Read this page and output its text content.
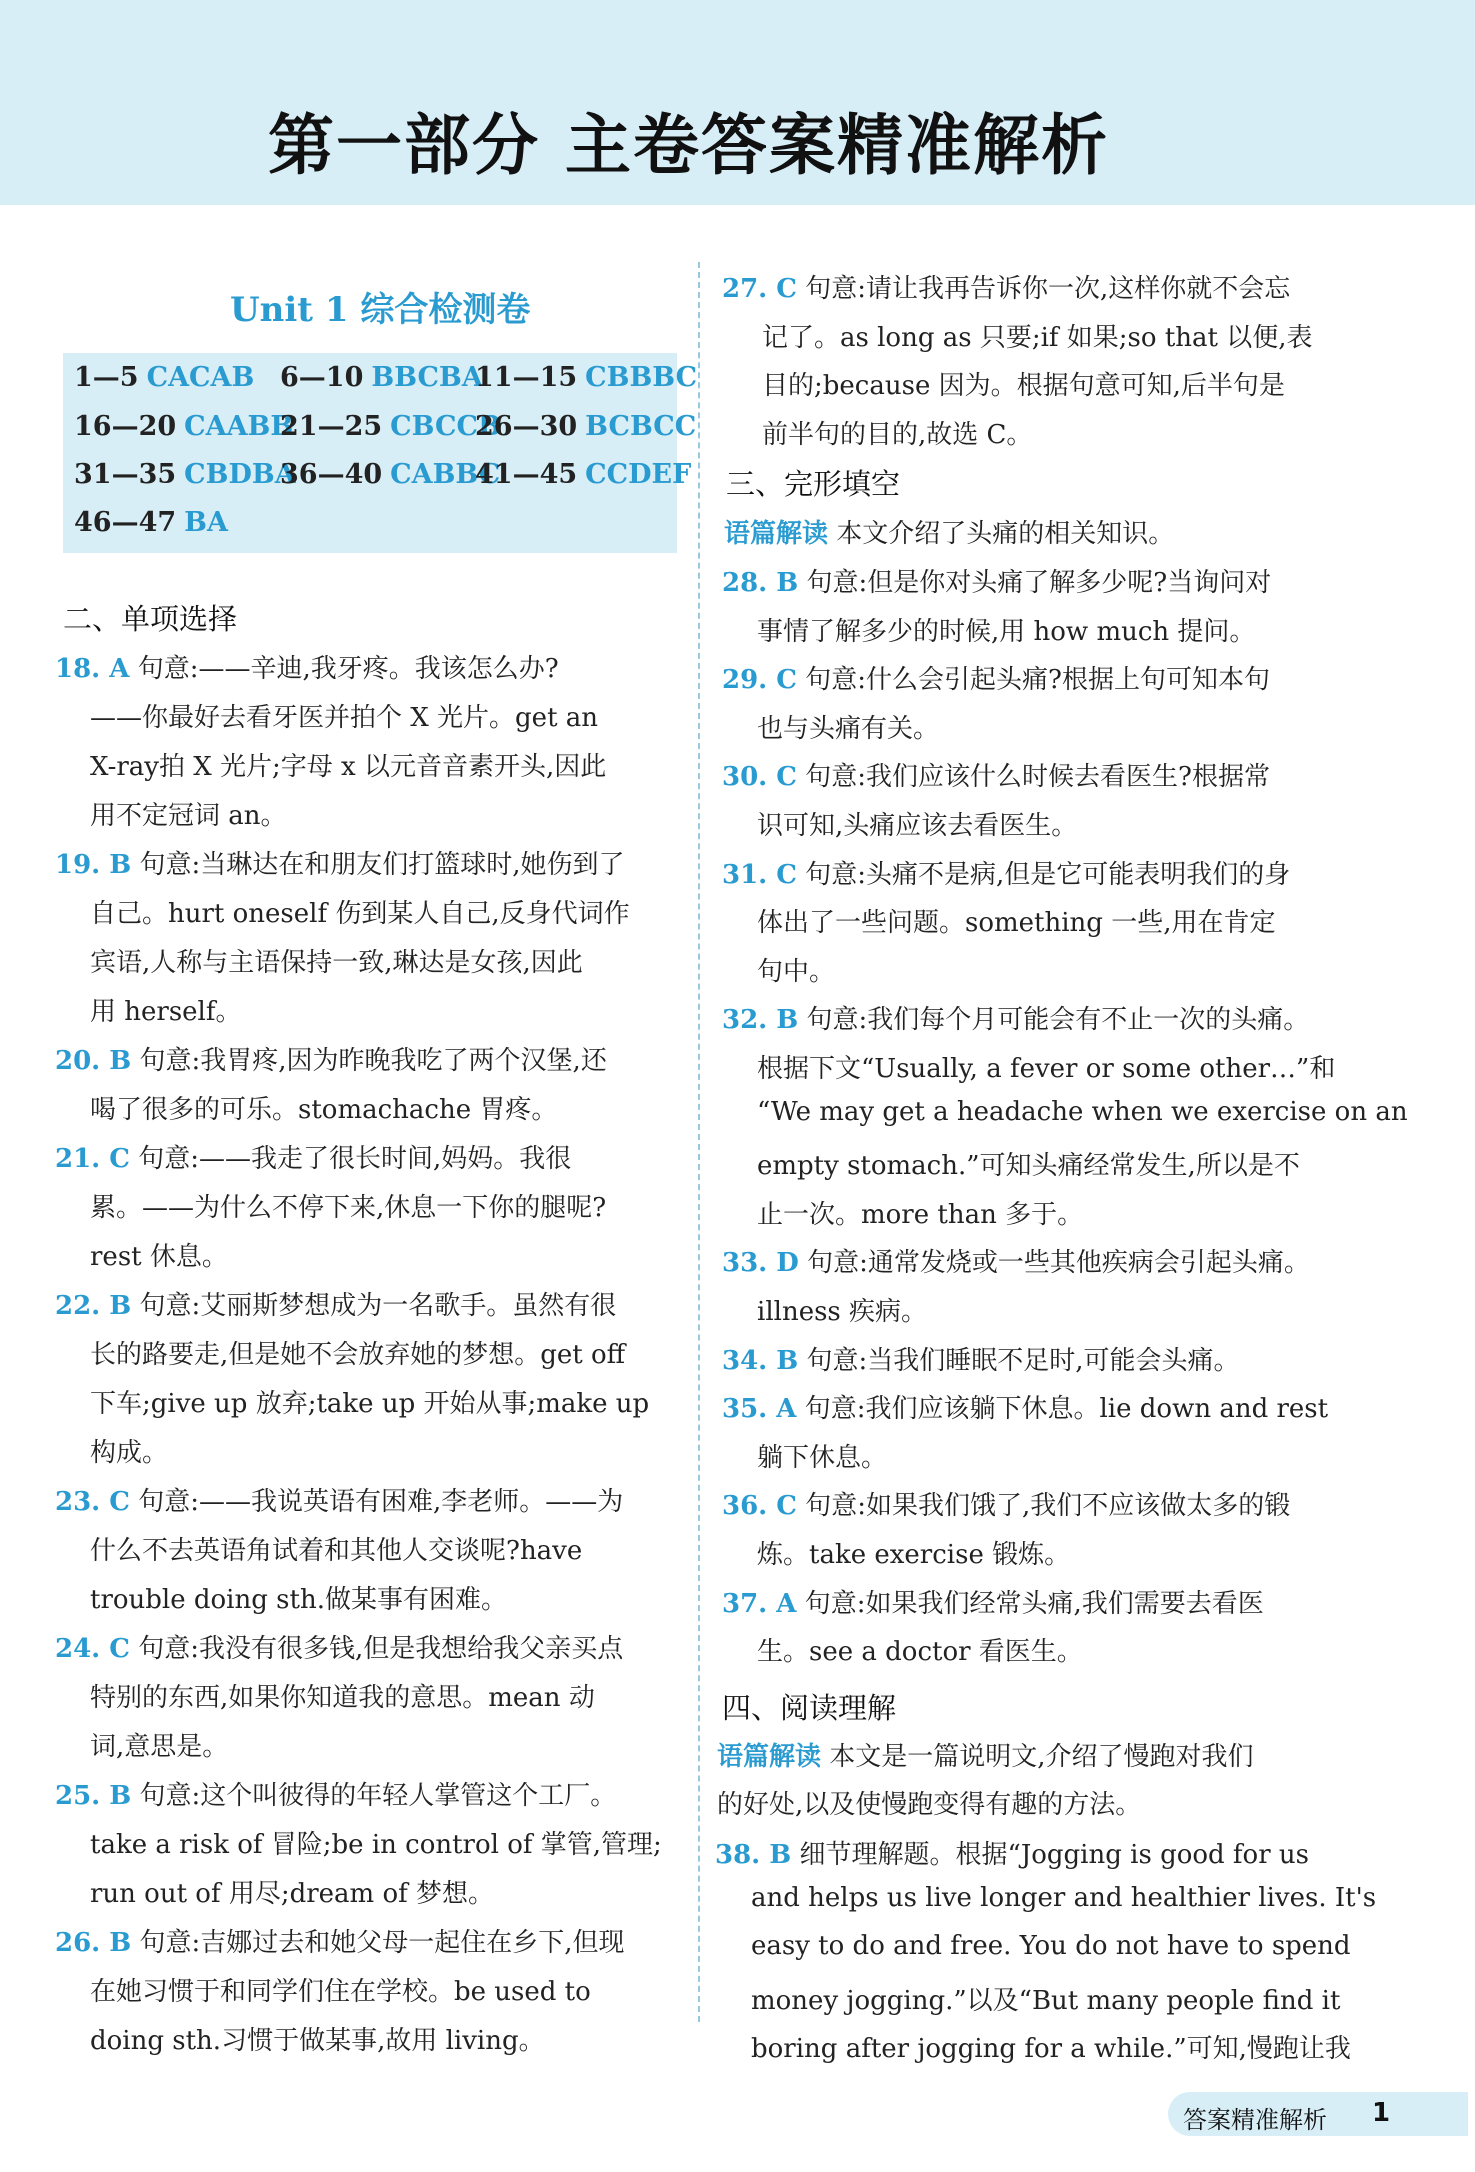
第一部分 主卷答案精准解析
Unit 1 综合检测卷
1—5 CACAB 6—10 BBCBA
11—15 CBBBC
16—20 CAABB
21—25 CBCCB
26—30 BCBCC
31—35 CBDBA
36—40 CABBC
41—45 CCDEF
46—47 BA
二、单项选择
三、完形填空
四、阅读理解
18. A 句意:——辛迪,我牙疼。我该怎么办?
——你最好去看牙医并拍个 X 光片。get an
X-ray拍 X 光片;字母 x 以元音音素开头,因此
用不定冠词 an。
19. B 句意:当琳达在和朋友们打篮球时,她伤到了
自己。hurt oneself 伤到某人自己,反身代词作
宾语,人称与主语保持一致,琳达是女孩,因此
用 herself。
20. B 句意:我胃疼,因为昨晚我吃了两个汉堡,还
喝了很多的可乐。stomachache 胃疼。
21. C 句意:——我走了很长时间,妈妈。我很
累。——为什么不停下来,休息一下你的腿呢?
rest 休息。
22. B 句意:艾丽斯梦想成为一名歌手。虽然有很
长的路要走,但是她不会放弃她的梦想。get off
下车;give up 放弃;take up 开始从事;make up
构成。
23. C 句意:——我说英语有困难,李老师。——为
什么不去英语角试着和其他人交谈呢?have
trouble doing sth.做某事有困难。
24. C 句意:我没有很多钱,但是我想给我父亲买点
特别的东西,如果你知道我的意思。mean 动
词,意思是。
25. B 句意:这个叫彼得的年轻人掌管这个工厂。
take a risk of 冒险;be in control of 掌管,管理;
run out of 用尽;dream of 梦想。
26. B 句意:吉娜过去和她父母一起住在乡下,但现
在她习惯于和同学们住在学校。be used to
doing sth.习惯于做某事,故用 living。
27. C 句意:请让我再告诉你一次,这样你就不会忘
记了。as long as 只要;if 如果;so that 以便,表
目的;because 因为。根据句意可知,后半句是
前半句的目的,故选 C。
语篇解读 本文介绍了头痛的相关知识。
28. B 句意:但是你对头痛了解多少呢?当询问对
事情了解多少的时候,用 how much 提问。
29. C 句意:什么会引起头痛?根据上句可知本句
也与头痛有关。
30. C 句意:我们应该什么时候去看医生?根据常
识可知,头痛应该去看医生。
31. C 句意:头痛不是病,但是它可能表明我们的身
体出了一些问题。something 一些,用在肯定
句中。
32. B 句意:我们每个月可能会有不止一次的头痛。
根据下文“Usually, a fever or some other…”和
“We may get a headache when we exercise on an
empty stomach.”可知头痛经常发生,所以是不
止一次。more than 多于。
33. D 句意:通常发烧或一些其他疾病会引起头痛。
illness 疾病。
34. B 句意:当我们睡眠不足时,可能会头痛。
35. A 句意:我们应该躺下休息。lie down and rest
躺下休息。
36. C 句意:如果我们饿了,我们不应该做太多的锻
炼。take exercise 锻炼。
37. A 句意:如果我们经常头痛,我们需要去看医
生。see a doctor 看医生。
语篇解读 本文是一篇说明文,介绍了慢跑对我们
的好处,以及使慢跑变得有趣的方法。
38. B 细节理解题。根据“Jogging is good for us
and helps us live longer and healthier lives. It's
easy to do and free. You do not have to spend
money jogging.”以及“But many people find it
boring after jogging for a while.”可知,慢跑让我
答案精准解析 1
